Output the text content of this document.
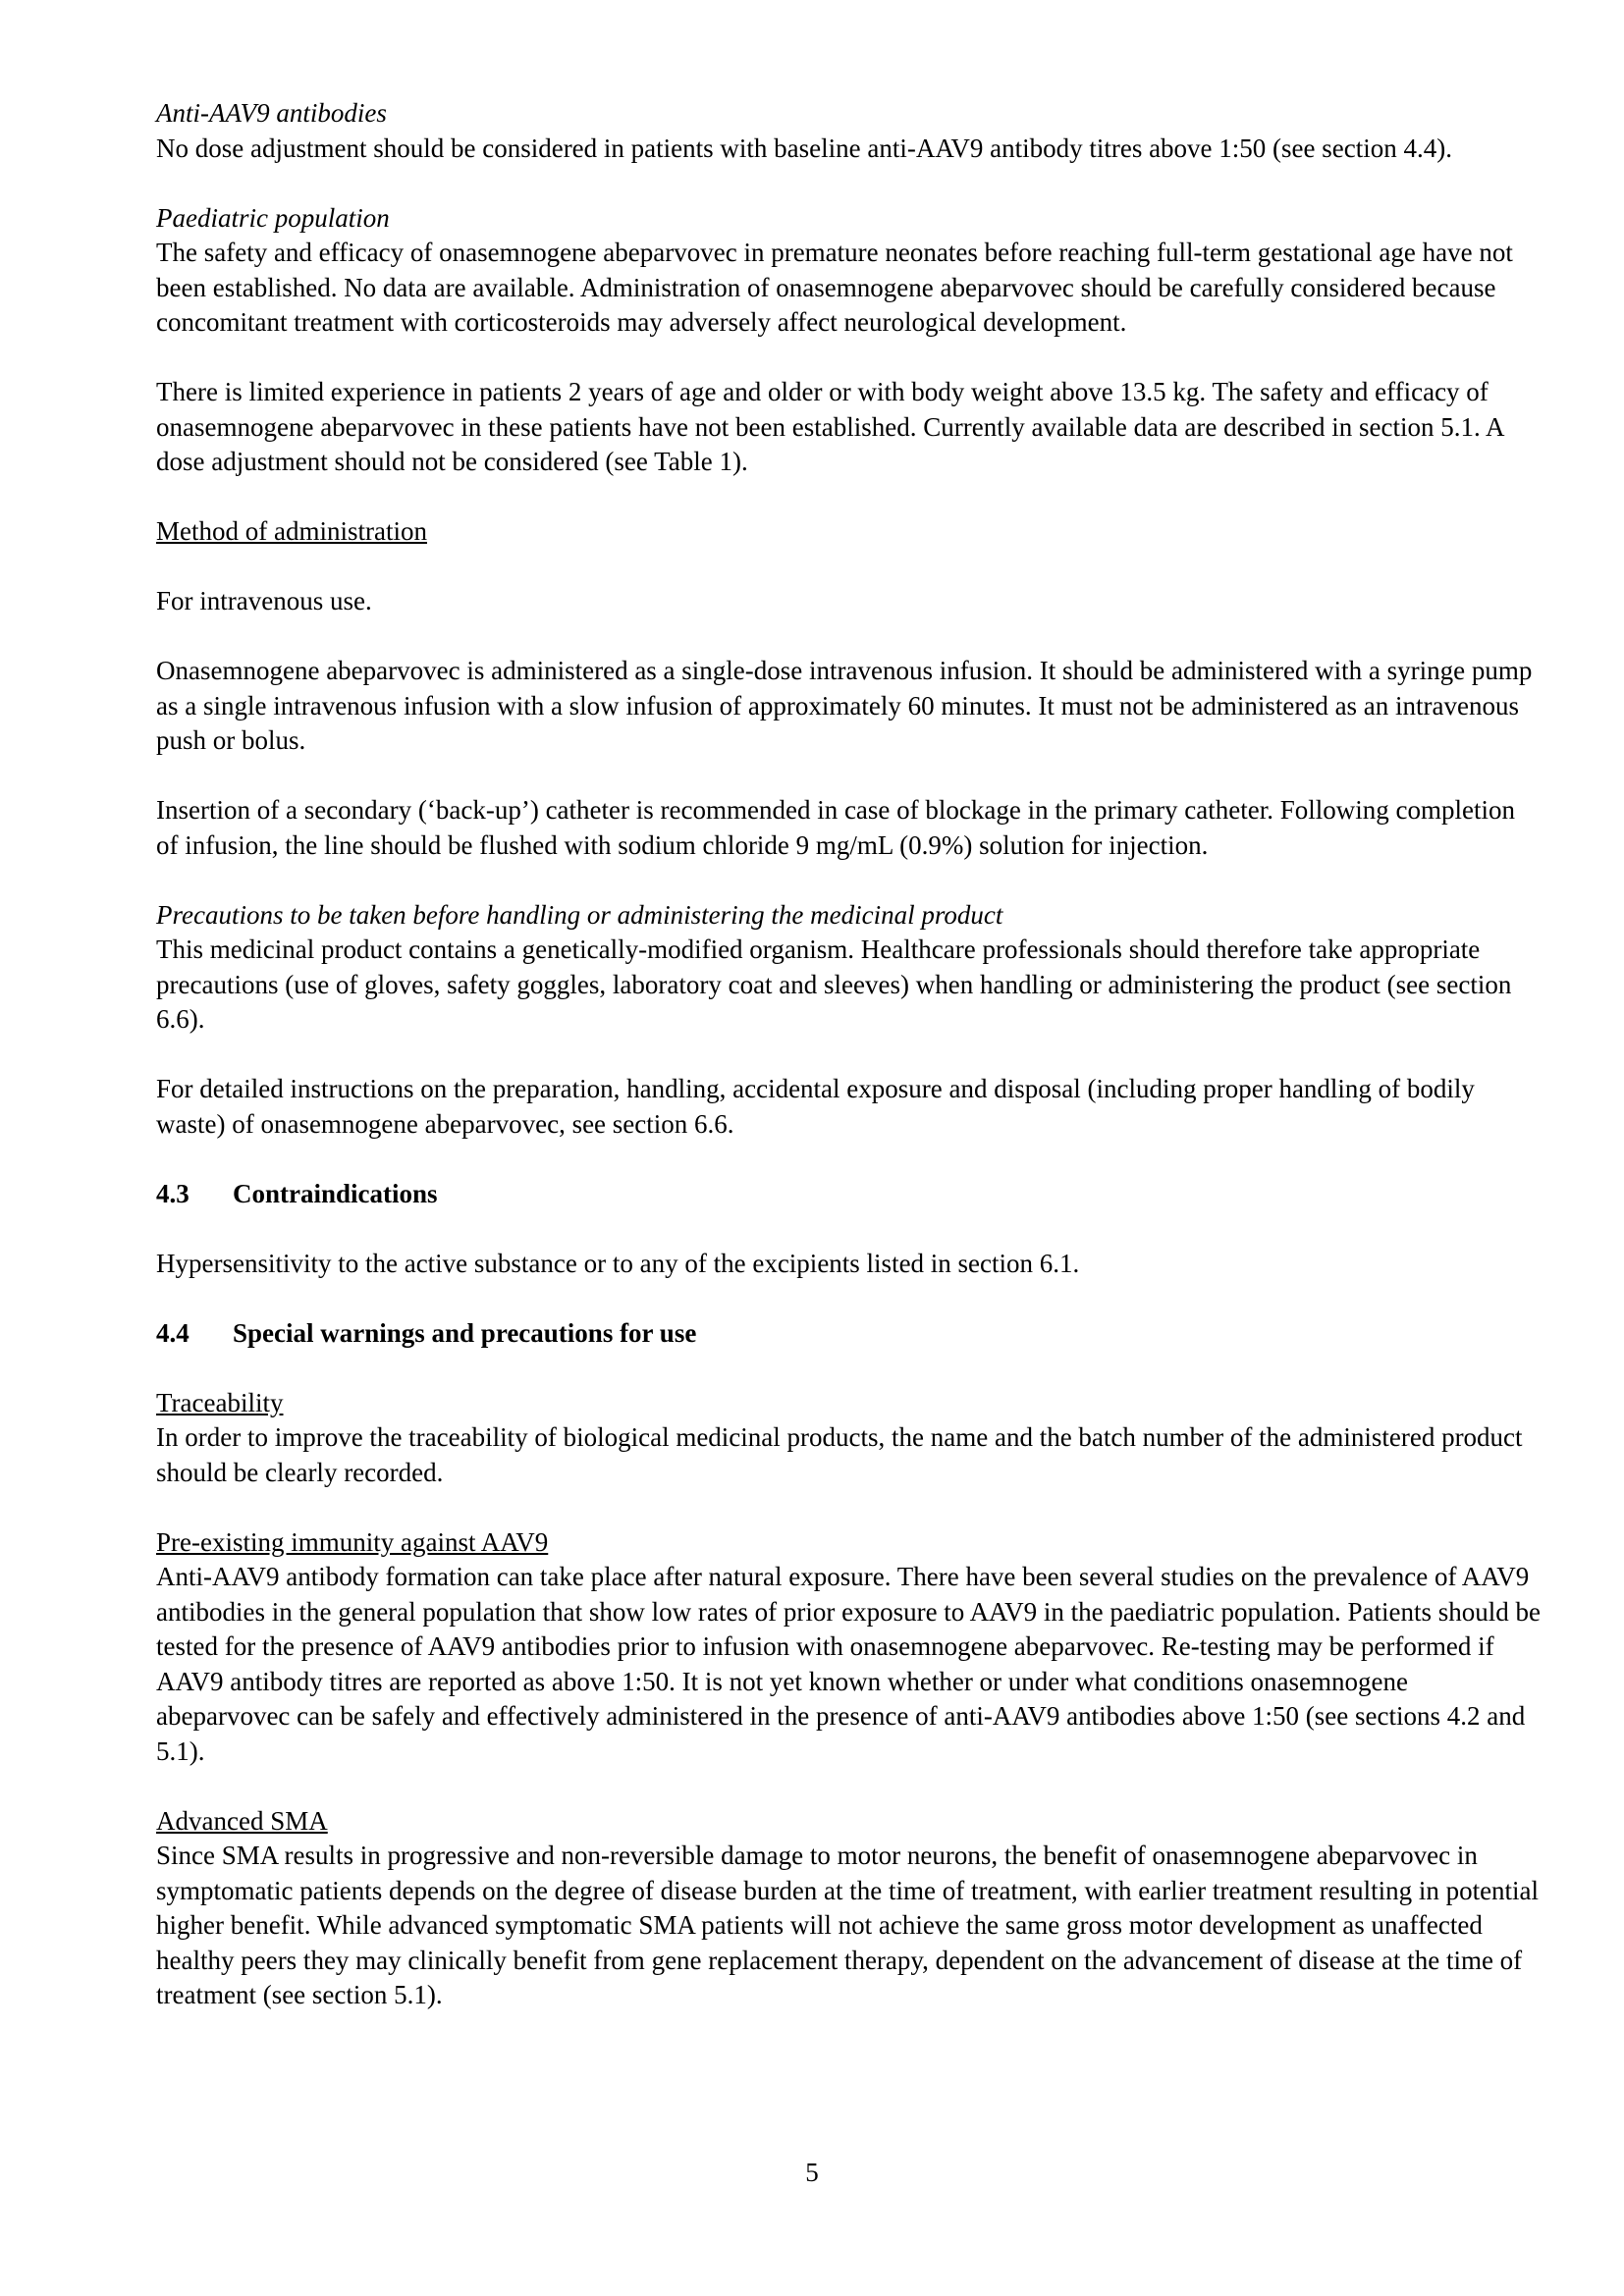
Anti-AAV9 antibodies

No dose adjustment should be considered in patients with baseline anti-AAV9 antibody titres above 1:50 (see section 4.4).

Paediatric population

The safety and efficacy of onasemnogene abeparvovec in premature neonates before reaching full-term gestational age have not been established. No data are available. Administration of onasemnogene abeparvovec should be carefully considered because concomitant treatment with corticosteroids may adversely affect neurological development.

There is limited experience in patients 2 years of age and older or with body weight above 13.5 kg. The safety and efficacy of onasemnogene abeparvovec in these patients have not been established. Currently available data are described in section 5.1. A dose adjustment should not be considered (see Table 1).

Method of administration

For intravenous use.

Onasemnogene abeparvovec is administered as a single-dose intravenous infusion. It should be administered with a syringe pump as a single intravenous infusion with a slow infusion of approximately 60 minutes. It must not be administered as an intravenous push or bolus.

Insertion of a secondary (‘back-up’) catheter is recommended in case of blockage in the primary catheter. Following completion of infusion, the line should be flushed with sodium chloride 9 mg/mL (0.9%) solution for injection.

Precautions to be taken before handling or administering the medicinal product

This medicinal product contains a genetically-modified organism. Healthcare professionals should therefore take appropriate precautions (use of gloves, safety goggles, laboratory coat and sleeves) when handling or administering the product (see section 6.6).

For detailed instructions on the preparation, handling, accidental exposure and disposal (including proper handling of bodily waste) of onasemnogene abeparvovec, see section 6.6.

4.3 Contraindications

Hypersensitivity to the active substance or to any of the excipients listed in section 6.1.

4.4 Special warnings and precautions for use
Traceability

In order to improve the traceability of biological medicinal products, the name and the batch number of the administered product should be clearly recorded.

Pre-existing immunity against AAV9

Anti-AAV9 antibody formation can take place after natural exposure. There have been several studies on the prevalence of AAV9 antibodies in the general population that show low rates of prior exposure to AAV9 in the paediatric population. Patients should be tested for the presence of AAV9 antibodies prior to infusion with onasemnogene abeparvovec. Re-testing may be performed if AAV9 antibody titres are reported as above 1:50. It is not yet known whether or under what conditions onasemnogene abeparvovec can be safely and effectively administered in the presence of anti-AAV9 antibodies above 1:50 (see sections 4.2 and 5.1).

Advanced SMA

Since SMA results in progressive and non-reversible damage to motor neurons, the benefit of onasemnogene abeparvovec in symptomatic patients depends on the degree of disease burden at the time of treatment, with earlier treatment resulting in potential higher benefit. While advanced symptomatic SMA patients will not achieve the same gross motor development as unaffected healthy peers they may clinically benefit from gene replacement therapy, dependent on the advancement of disease at the time of treatment (see section 5.1).

5
